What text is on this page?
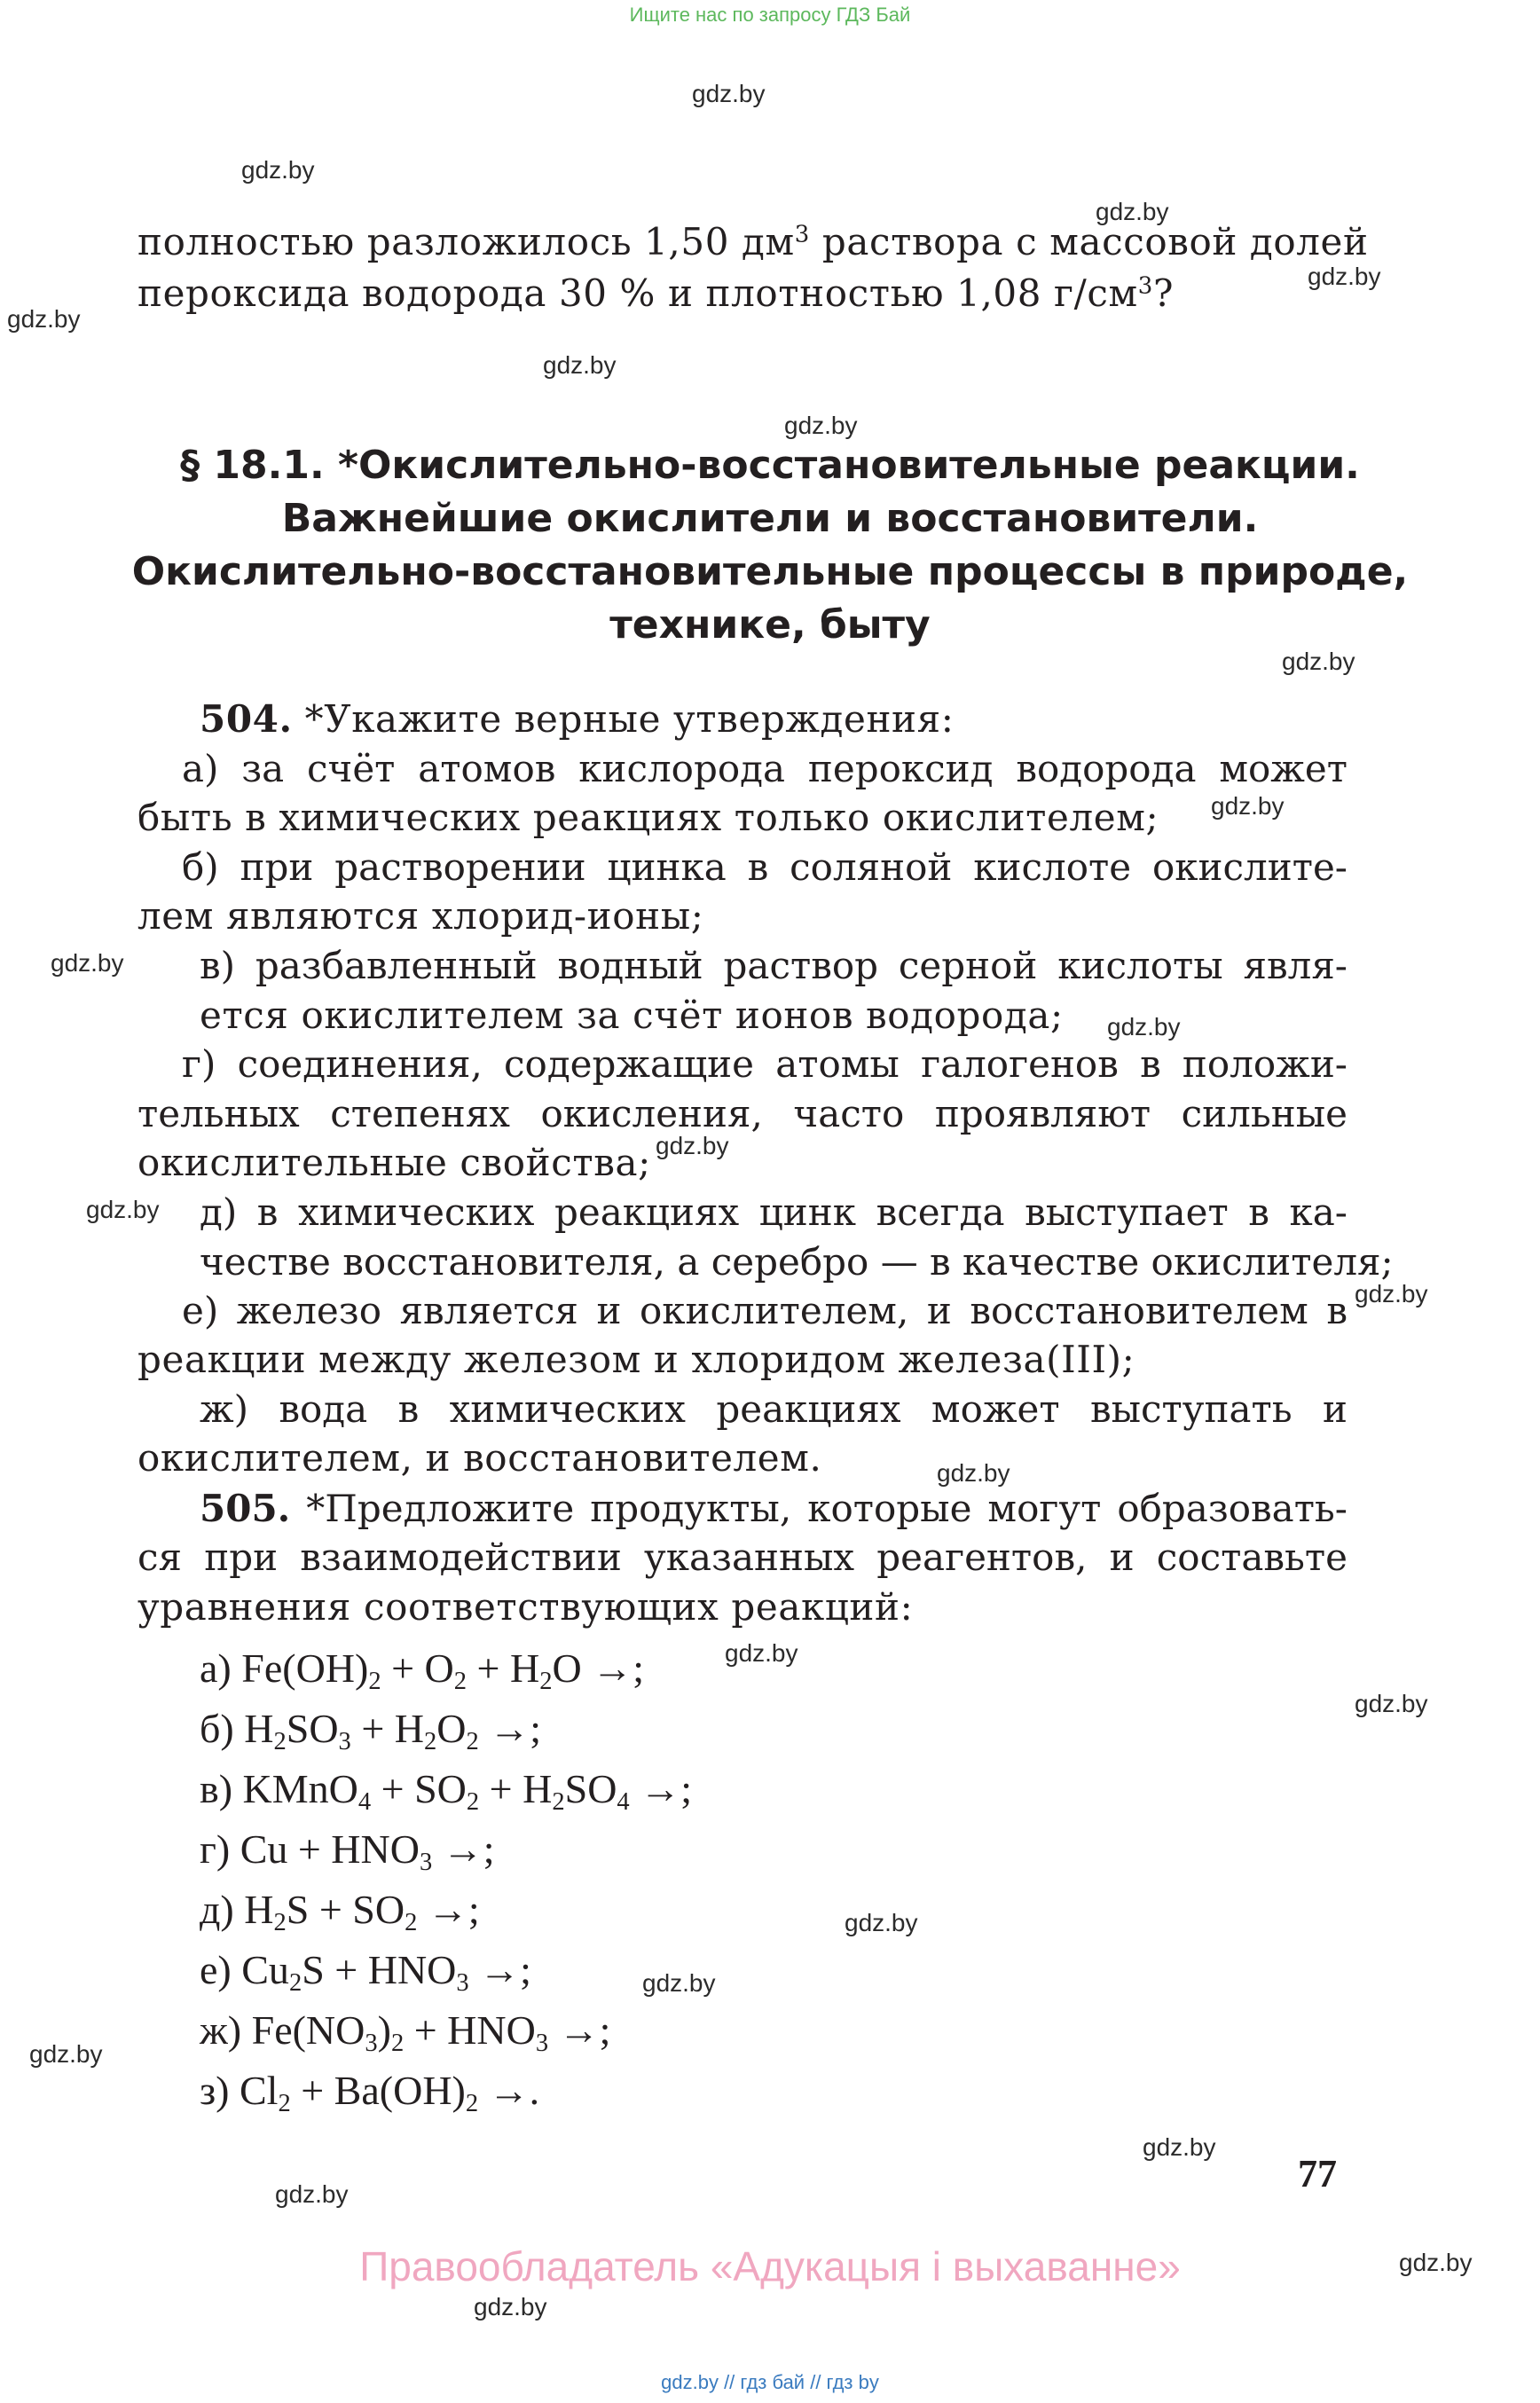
Ищите нас по запросу ГДЗ Бай
gdz.by
gdz.by
gdz.by
gdz.by
gdz.by
gdz.by
gdz.by
gdz.by
gdz.by
gdz.by
gdz.by
gdz.by
gdz.by
gdz.by
gdz.by
gdz.by
gdz.by
gdz.by
gdz.by
gdz.by
gdz.by
gdz.by
gdz.by
gdz.by
полностью разложилось 1,50 $дм^3$ раствора с массовой долей
пероксида водорода 30 % и плотностью 1,08 $г/см^3$?
§ 18.1. *Окислительно-восстановительные реакции.
Важнейшие окислители и восстановители.
Окислительно-восстановительные процессы в природе,
технике, быту
504. *Укажите верные утверждения:
а) за счёт атомов кислорода пероксид водорода может
быть в химических реакциях только окислителем;
б) при растворении цинка в соляной кислоте окислите-
лем являются хлорид-ионы;
в) разбавленный водный раствор серной кислоты явля-
ется окислителем за счёт ионов водорода;
г) соединения, содержащие атомы галогенов в положи-
тельных степенях окисления, часто проявляют сильные
окислительные свойства;
д) в химических реакциях цинк всегда выступает в ка-
честве восстановителя, а серебро — в качестве окислителя;
е) железо является и окислителем, и восстановителем в
реакции между железом и хлоридом железа(III);
ж) вода в химических реакциях может выступать и
окислителем, и восстановителем.
505. *Предложите продукты, которые могут образовать-
ся при взаимодействии указанных реагентов, и составьте
уравнения соответствующих реакций:
а) $Fe(OH)_2 + O_2 + H_2O$ →;
б) $H_2SO_3 + H_2O_2$ →;
в) KMnO$_4$ + $SO_2 + H_2SO_4$ →;
г) $Cu + HNO_3$ →;
д) $H_2S + SO_2$ →;
е) $Cu_2S + HNO_3$ →;
ж) $Fe(NO_3)_2 + HNO_3$ →;
з) $Cl_2 + Ba(OH)_2$ →.
77
Правообладатель «Адукацыя і выхаванне»
gdz.by // гдз бай // гдз by
